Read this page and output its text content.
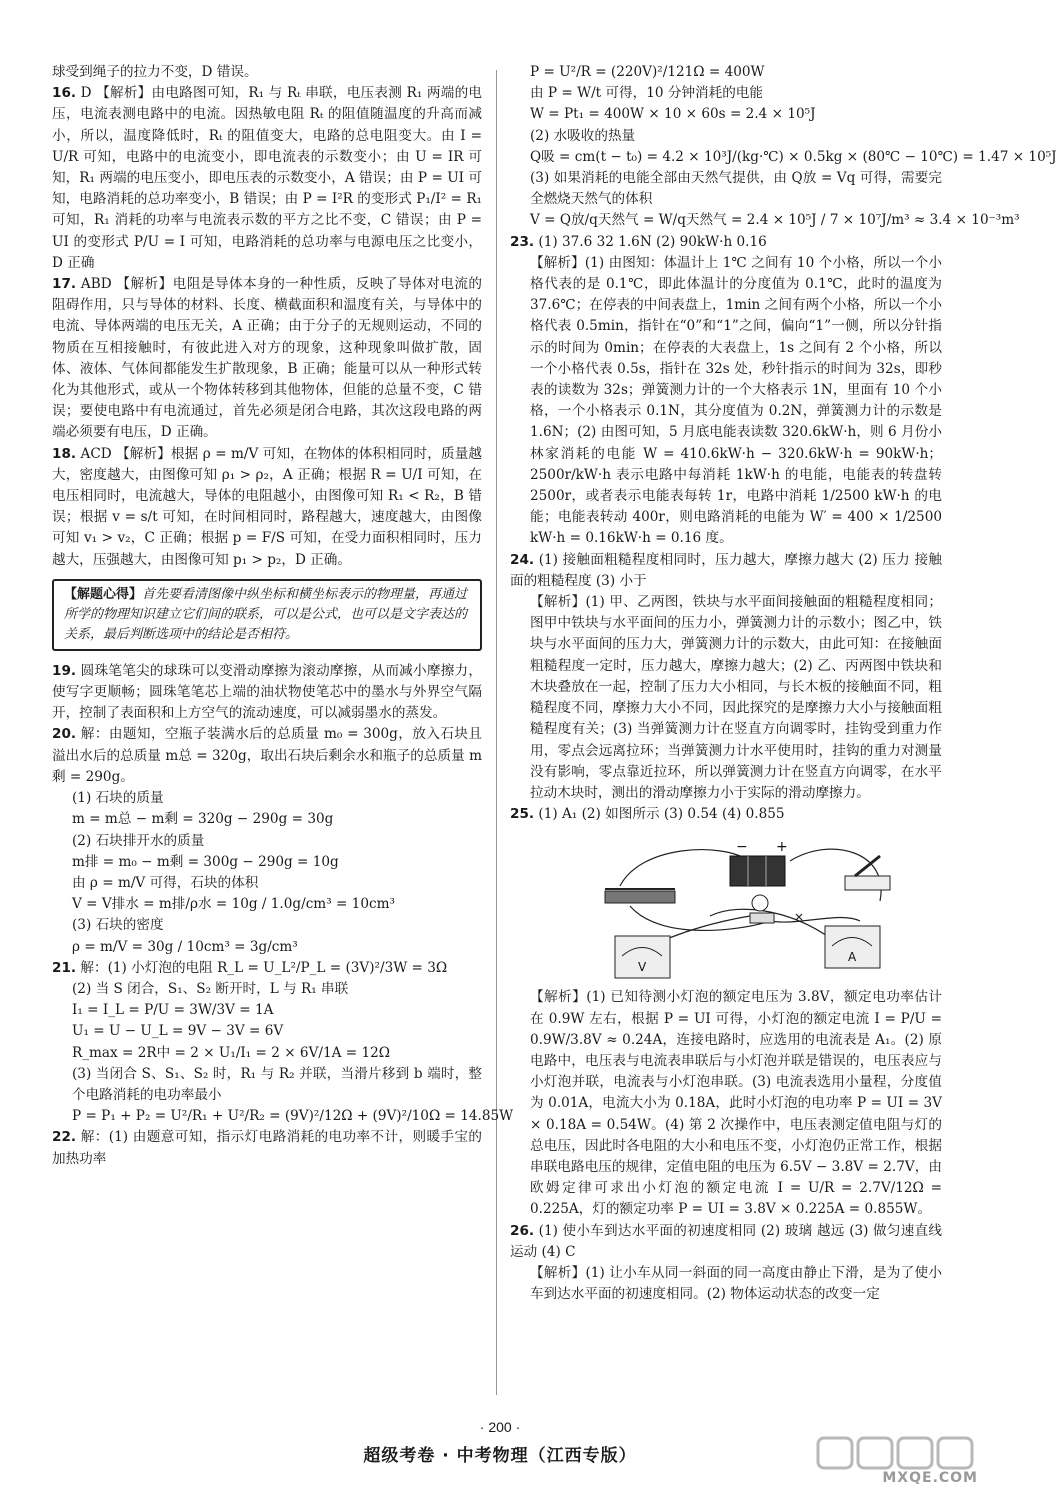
球受到绳子的拉力不变，D 错误。

16. D 【解析】由电路图可知，R₁ 与 Rₜ 串联，电压表测 R₁ 两端的电压，电流表测电路中的电流。因热敏电阻 Rₜ 的阻值随温度的升高而减小，所以，温度降低时，Rₜ 的阻值变大，电路的总电阻变大。由 I = U/R 可知，电路中的电流变小，即电流表的示数变小；由 U = IR 可知，R₁ 两端的电压变小，即电压表的示数变小，A 错误；由 P = UI 可知，电路消耗的总功率变小，B 错误；由 P = I²R 的变形式 P₁/I² = R₁ 可知，R₁ 消耗的功率与电流表示数的平方之比不变，C 错误；由 P = UI 的变形式 P/U = I 可知，电路消耗的总功率与电源电压之比变小，D 正确

17. ABD 【解析】电阻是导体本身的一种性质，反映了导体对电流的阻碍作用，只与导体的材料、长度、横截面积和温度有关，与导体中的电流、导体两端的电压无关，A 正确；由于分子的无规则运动，不同的物质在互相接触时，有彼此进入对方的现象，这种现象叫做扩散，固体、液体、气体间都能发生扩散现象，B 正确；能量可以从一种形式转化为其他形式，或从一个物体转移到其他物体，但能的总量不变，C 错误；要使电路中有电流通过，首先必须是闭合电路，其次这段电路的两端必须要有电压，D 正确。

18. ACD 【解析】根据 ρ = m/V 可知，在物体的体积相同时，质量越大，密度越大，由图像可知 ρ₁ > ρ₂，A 正确；根据 R = U/I 可知，在电压相同时，电流越大，导体的电阻越小，由图像可知 R₁ < R₂，B 错误；根据 v = s/t 可知，在时间相同时，路程越大，速度越大，由图像可知 v₁ > v₂，C 正确；根据 p = F/S 可知，在受力面积相同时，压力越大，压强越大，由图像可知 p₁ > p₂，D 正确。

【解题心得】首先要看清图像中纵坐标和横坐标表示的物理量，再通过所学的物理知识建立它们间的联系，可以是公式，也可以是文字表达的关系，最后判断选项中的结论是否相符。

19. 圆珠笔笔尖的球珠可以变滑动摩擦为滚动摩擦，从而减小摩擦力，使写字更顺畅；圆珠笔笔芯上端的油状物使笔芯中的墨水与外界空气隔开，控制了表面积和上方空气的流动速度，可以减弱墨水的蒸发。

20. 解：由题知，空瓶子装满水后的总质量 m₀ = 300g，放入石块且溢出水后的总质量 m总 = 320g，取出石块后剩余水和瓶子的总质量 m剩 = 290g。

(1) 石块的质量

m = m总 − m剩 = 320g − 290g = 30g

(2) 石块排开水的质量

m排 = m₀ − m剩 = 300g − 290g = 10g

由 ρ = m/V 可得，石块的体积

V = V排水 = m排/ρ水 = 10g / 1.0g/cm³ = 10cm³

(3) 石块的密度

ρ = m/V = 30g / 10cm³ = 3g/cm³

21. 解：(1) 小灯泡的电阻 R_L = U_L²/P_L = (3V)²/3W = 3Ω

(2) 当 S 闭合，S₁、S₂ 断开时，L 与 R₁ 串联

I₁ = I_L = P/U = 3W/3V = 1A

U₁ = U − U_L = 9V − 3V = 6V

R_max = 2R中 = 2 × U₁/I₁ = 2 × 6V/1A = 12Ω

(3) 当闭合 S、S₁、S₂ 时，R₁ 与 R₂ 并联，当滑片移到 b 端时，整个电路消耗的电功率最小

P = P₁ + P₂ = U²/R₁ + U²/R₂ = (9V)²/12Ω + (9V)²/10Ω = 14.85W

22. 解：(1) 由题意可知，指示灯电路消耗的电功率不计，则暖手宝的加热功率

P = U²/R = (220V)²/121Ω = 400W

由 P = W/t 可得，10 分钟消耗的电能

W = Pt₁ = 400W × 10 × 60s = 2.4 × 10⁵J

(2) 水吸收的热量

Q吸 = cm(t − t₀) = 4.2 × 10³J/(kg·℃) × 0.5kg × (80℃ − 10℃) = 1.47 × 10⁵J

(3) 如果消耗的电能全部由天然气提供，由 Q放 = Vq 可得，需要完全燃烧天然气的体积

V = Q放/q天然气 = W/q天然气 = 2.4 × 10⁵J / 7 × 10⁷J/m³ ≈ 3.4 × 10⁻³m³

23. (1) 37.6 32 1.6N (2) 90kW·h 0.16

【解析】(1) 由图知：体温计上 1℃ 之间有 10 个小格，所以一个小格代表的是 0.1℃，即此体温计的分度值为 0.1℃，此时的温度为 37.6℃；在停表的中间表盘上，1min 之间有两个小格，所以一个小格代表 0.5min，指针在“0”和“1”之间，偏向“1”一侧，所以分针指示的时间为 0min；在停表的大表盘上，1s 之间有 2 个小格，所以一个小格代表 0.5s，指针在 32s 处，秒针指示的时间为 32s，即秒表的读数为 32s；弹簧测力计的一个大格表示 1N，里面有 10 个小格，一个小格表示 0.1N，其分度值为 0.2N，弹簧测力计的示数是 1.6N；(2) 由图可知，5 月底电能表读数 320.6kW·h，则 6 月份小林家消耗的电能 W = 410.6kW·h − 320.6kW·h = 90kW·h；2500r/kW·h 表示电路中每消耗 1kW·h 的电能，电能表的转盘转 2500r，或者表示电能表每转 1r，电路中消耗 1/2500 kW·h 的电能；电能表转动 400r，则电路消耗的电能为 W′ = 400 × 1/2500 kW·h = 0.16kW·h = 0.16 度。

24. (1) 接触面粗糙程度相同时，压力越大，摩擦力越大 (2) 压力 接触面的粗糙程度 (3) 小于

【解析】(1) 甲、乙两图，铁块与水平面间接触面的粗糙程度相同；图甲中铁块与水平面间的压力小，弹簧测力计的示数小；图乙中，铁块与水平面间的压力大，弹簧测力计的示数大，由此可知：在接触面粗糙程度一定时，压力越大，摩擦力越大；(2) 乙、丙两图中铁块和木块叠放在一起，控制了压力大小相同，与长木板的接触面不同，粗糙程度不同，摩擦力大小不同，因此探究的是摩擦力大小与接触面粗糙程度有关；(3) 当弹簧测力计在竖直方向调零时，挂钩受到重力作用，零点会远离拉环；当弹簧测力计水平使用时，挂钩的重力对测量没有影响，零点靠近拉环，所以弹簧测力计在竖直方向调零，在水平拉动木块时，测出的滑动摩擦力小于实际的滑动摩擦力。

25. (1) A₁ (2) 如图所示 (3) 0.54 (4) 0.855

− +
V
A

【解析】(1) 已知待测小灯泡的额定电压为 3.8V，额定电功率估计在 0.9W 左右，根据 P = UI 可得，小灯泡的额定电流 I = P/U = 0.9W/3.8V ≈ 0.24A，连接电路时，应选用的电流表是 A₁。(2) 原电路中，电压表与电流表串联后与小灯泡并联是错误的，电压表应与小灯泡并联，电流表与小灯泡串联。(3) 电流表选用小量程，分度值为 0.01A，电流大小为 0.18A，此时小灯泡的电功率 P = UI = 3V × 0.18A = 0.54W。(4) 第 2 次操作中，电压表测定值电阻与灯的总电压，因此时各电阻的大小和电压不变，小灯泡仍正常工作，根据串联电路电压的规律，定值电阻的电压为 6.5V − 3.8V = 2.7V，由欧姆定律可求出小灯泡的额定电流 I = U/R = 2.7V/12Ω = 0.225A，灯的额定功率 P = UI = 3.8V × 0.225A = 0.855W。

26. (1) 使小车到达水平面的初速度相同 (2) 玻璃 越远 (3) 做匀速直线运动 (4) C

【解析】(1) 让小车从同一斜面的同一高度由静止下滑，是为了使小车到达水平面的初速度相同。(2) 物体运动状态的改变一定

· 200 ·
超级考卷 · 中考物理（江西专版）
MXQE.COM
